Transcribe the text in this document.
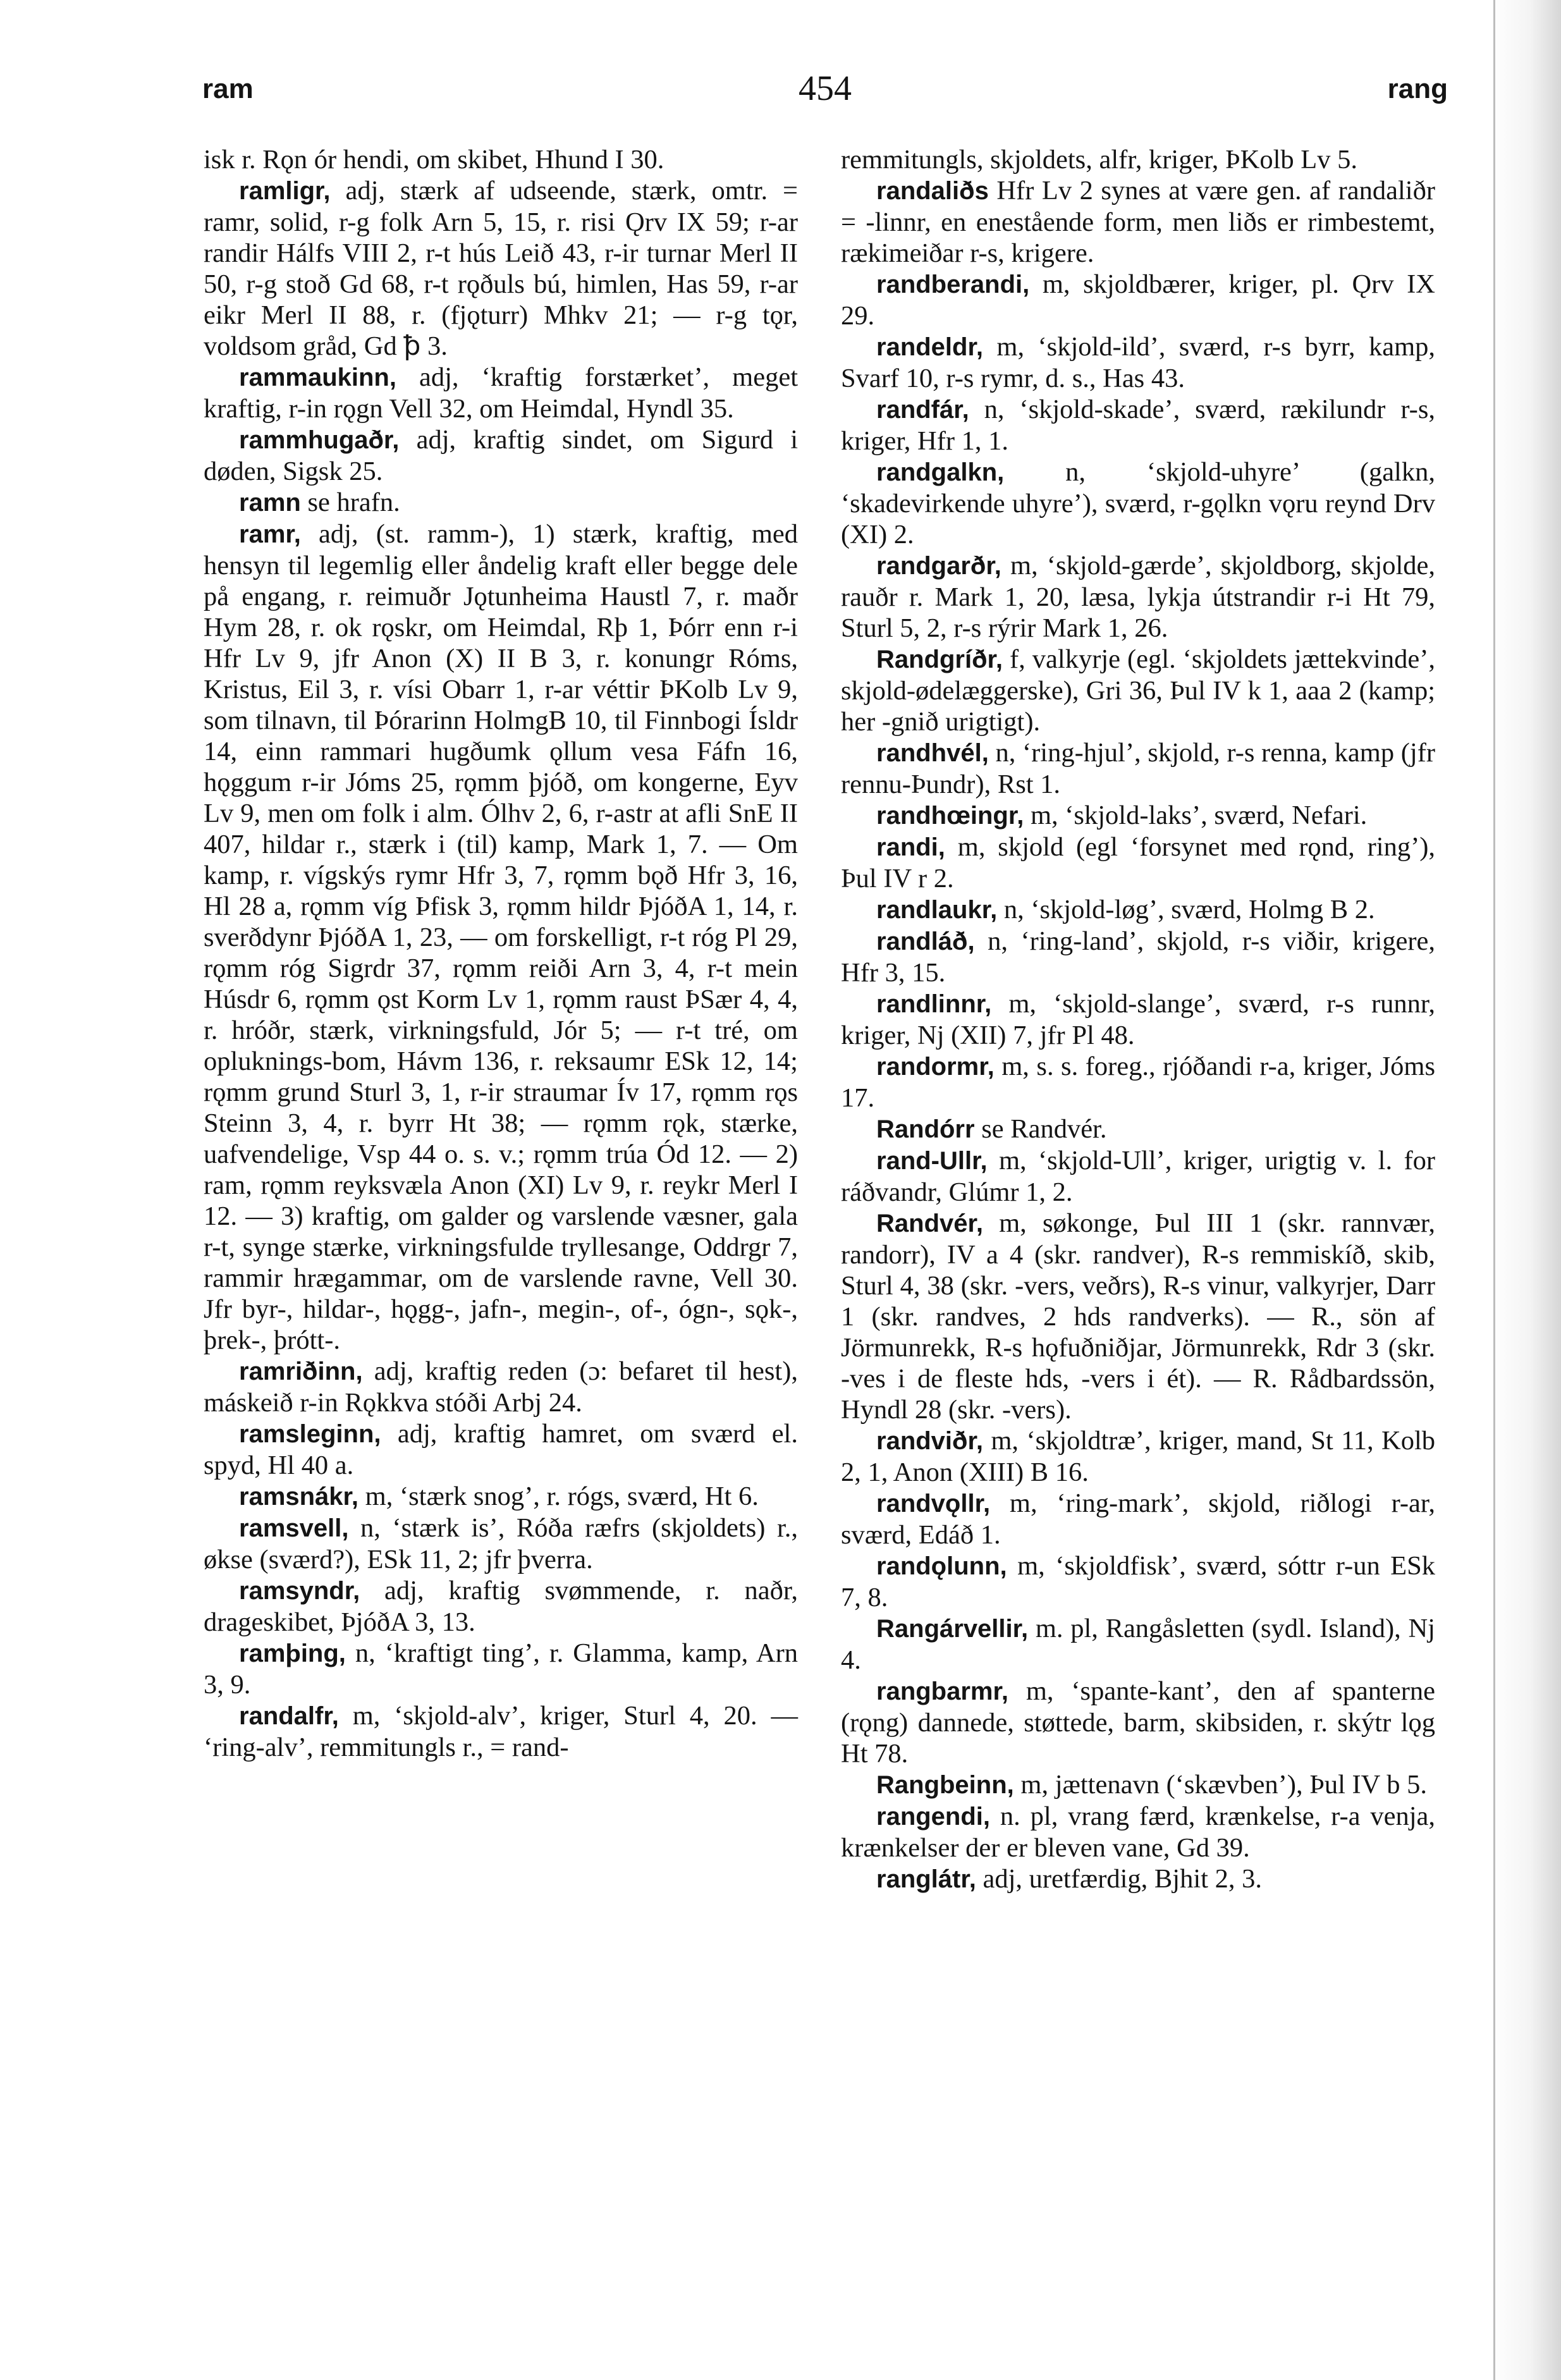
ram	454	rang

isk r. Rǫn ór hendi, om skibet, Hhund I 30.

ramligr, adj, stærk af udseende, stærk, omtr. = ramr, solid, r-g folk Arn 5, 15, r. risi Ǫrv IX 59; r-ar randir Hálfs VIII 2, r-t hús Leið 43, r-ir turnar Merl II 50, r-g stoð Gd 68, r-t rǫðuls bú, himlen, Has 59, r-ar eikr Merl II 88, r. (fjǫturr) Mhkv 21; — r-g tǫr, voldsom gråd, Gd ꝥ 3.

rammaukinn, adj, ‘kraftig forstærket’, meget kraftig, r-in rǫgn Vell 32, om Heimdal, Hyndl 35.

rammhugaðr, adj, kraftig sindet, om Sigurd i døden, Sigsk 25.

ramn se hrafn.

ramr, adj, (st. ramm-), 1) stærk, kraftig, med hensyn til legemlig eller åndelig kraft eller begge dele på engang, r. reimuðr Jǫtunheima Haustl 7, r. maðr Hym 28, r. ok rǫskr, om Heimdal, Rþ 1, Þórr enn r-i Hfr Lv 9, jfr Anon (X) II B 3, r. konungr Róms, Kristus, Eil 3, r. vísi Obarr 1, r-ar véttir ÞKolb Lv 9, som tilnavn, til Þórarinn HolmgB 10, til Finnbogi Ísldr 14, einn rammari hugðumk ǫllum vesa Fáfn 16, hǫggum r-ir Jóms 25, rǫmm þjóð, om kongerne, Eyv Lv 9, men om folk i alm. Ólhv 2, 6, r-astr at afli SnE II 407, hildar r., stærk i (til) kamp, Mark 1, 7. — Om kamp, r. vígskýs rymr Hfr 3, 7, rǫmm bǫð Hfr 3, 16, Hl 28 a, rǫmm víg Þfisk 3, rǫmm hildr ÞjóðA 1, 14, r. sverðdynr ÞjóðA 1, 23, — om forskelligt, r-t róg Pl 29, rǫmm róg Sigrdr 37, rǫmm reiði Arn 3, 4, r-t mein Húsdr 6, rǫmm ǫst Korm Lv 1, rǫmm raust ÞSær 4, 4, r. hróðr, stærk, virkningsfuld, Jór 5; — r-t tré, om opluknings-bom, Hávm 136, r. reksaumr ESk 12, 14; rǫmm grund Sturl 3, 1, r-ir straumar Ív 17, rǫmm rǫs Steinn 3, 4, r. byrr Ht 38; — rǫmm rǫk, stærke, uafvendelige, Vsp 44 o. s. v.; rǫmm trúa Ód 12. — 2) ram, rǫmm reyksvæla Anon (XI) Lv 9, r. reykr Merl I 12. — 3) kraftig, om galder og varslende væsner, gala r-t, synge stærke, virkningsfulde tryllesange, Oddrgr 7, rammir hrægammar, om de varslende ravne, Vell 30. Jfr byr-, hildar-, hǫgg-, jafn-, megin-, of-, ógn-, sǫk-, þrek-, þrótt-.

ramriðinn, adj, kraftig reden (ɔ: befaret til hest), máskeið r-in Rǫkkva stóði Arbj 24.

ramsleginn, adj, kraftig hamret, om sværd el. spyd, Hl 40 a.

ramsnákr, m, ‘stærk snog’, r. rógs, sværd, Ht 6.

ramsvell, n, ‘stærk is’, Róða ræfrs (skjoldets) r., økse (sværd?), ESk 11, 2; jfr þverra.

ramsyndr, adj, kraftig svømmende, r. naðr, drageskibet, ÞjóðA 3, 13.

ramþing, n, ‘kraftigt ting’, r. Glamma, kamp, Arn 3, 9.

randalfr, m, ‘skjold-alv’, kriger, Sturl 4, 20. — ‘ring-alv’, remmitungls r., = rand-

remmitungls, skjoldets, alfr, kriger, ÞKolb Lv 5.

randaliðs Hfr Lv 2 synes at være gen. af randaliðr = -linnr, en enestående form, men liðs er rimbestemt, rækimeiðar r-s, krigere.

randberandi, m, skjoldbærer, kriger, pl. Ǫrv IX 29.

randeldr, m, ‘skjold-ild’, sværd, r-s byrr, kamp, Svarf 10, r-s rymr, d. s., Has 43.

randfár, n, ‘skjold-skade’, sværd, rækilundr r-s, kriger, Hfr 1, 1.

randgalkn, n, ‘skjold-uhyre’ (galkn, ‘skadevirkende uhyre’), sværd, r-gǫlkn vǫru reynd Drv (XI) 2.

randgarðr, m, ‘skjold-gærde’, skjoldborg, skjolde, rauðr r. Mark 1, 20, læsa, lykja útstrandir r-i Ht 79, Sturl 5, 2, r-s rýrir Mark 1, 26.

Randgríðr, f, valkyrje (egl. ‘skjoldets jættekvinde’, skjold-ødelæggerske), Gri 36, Þul IV k 1, aaa 2 (kamp; her -gnið urigtigt).

randhvél, n, ‘ring-hjul’, skjold, r-s renna, kamp (jfr rennu-Þundr), Rst 1.

randhœingr, m, ‘skjold-laks’, sværd, Nefari.

randi, m, skjold (egl ‘forsynet med rǫnd, ring’), Þul IV r 2.

randlaukr, n, ‘skjold-løg’, sværd, Holmg B 2.

randláð, n, ‘ring-land’, skjold, r-s viðir, krigere, Hfr 3, 15.

randlinnr, m, ‘skjold-slange’, sværd, r-s runnr, kriger, Nj (XII) 7, jfr Pl 48.

randormr, m, s. s. foreg., rjóðandi r-a, kriger, Jóms 17.

Randórr se Randvér.

rand-Ullr, m, ‘skjold-Ull’, kriger, urigtig v. l. for ráðvandr, Glúmr 1, 2.

Randvér, m, søkonge, Þul III 1 (skr. rannvær, randorr), IV a 4 (skr. randver), R-s remmiskíð, skib, Sturl 4, 38 (skr. -vers, veðrs), R-s vinur, valkyrjer, Darr 1 (skr. randves, 2 hds randverks). — R., sön af Jörmunrekk, R-s hǫfuðniðjar, Jörmunrekk, Rdr 3 (skr. -ves i de fleste hds, -vers i ét). — R. Rådbardssön, Hyndl 28 (skr. -vers).

randviðr, m, ‘skjoldtræ’, kriger, mand, St 11, Kolb 2, 1, Anon (XIII) B 16.

randvǫllr, m, ‘ring-mark’, skjold, riðlogi r-ar, sværd, Edáð 1.

randǫlunn, m, ‘skjoldfisk’, sværd, sóttr r-un ESk 7, 8.

Rangárvellir, m. pl, Rangåsletten (sydl. Island), Nj 4.

rangbarmr, m, ‘spante-kant’, den af spanterne (rǫng) dannede, støttede, barm, skibsiden, r. skýtr lǫg Ht 78.

Rangbeinn, m, jættenavn (‘skævben’), Þul IV b 5.

rangendi, n. pl, vrang færd, krænkelse, r-a venja, krænkelser der er bleven vane, Gd 39.

ranglátr, adj, uretfærdig, Bjhit 2, 3.
